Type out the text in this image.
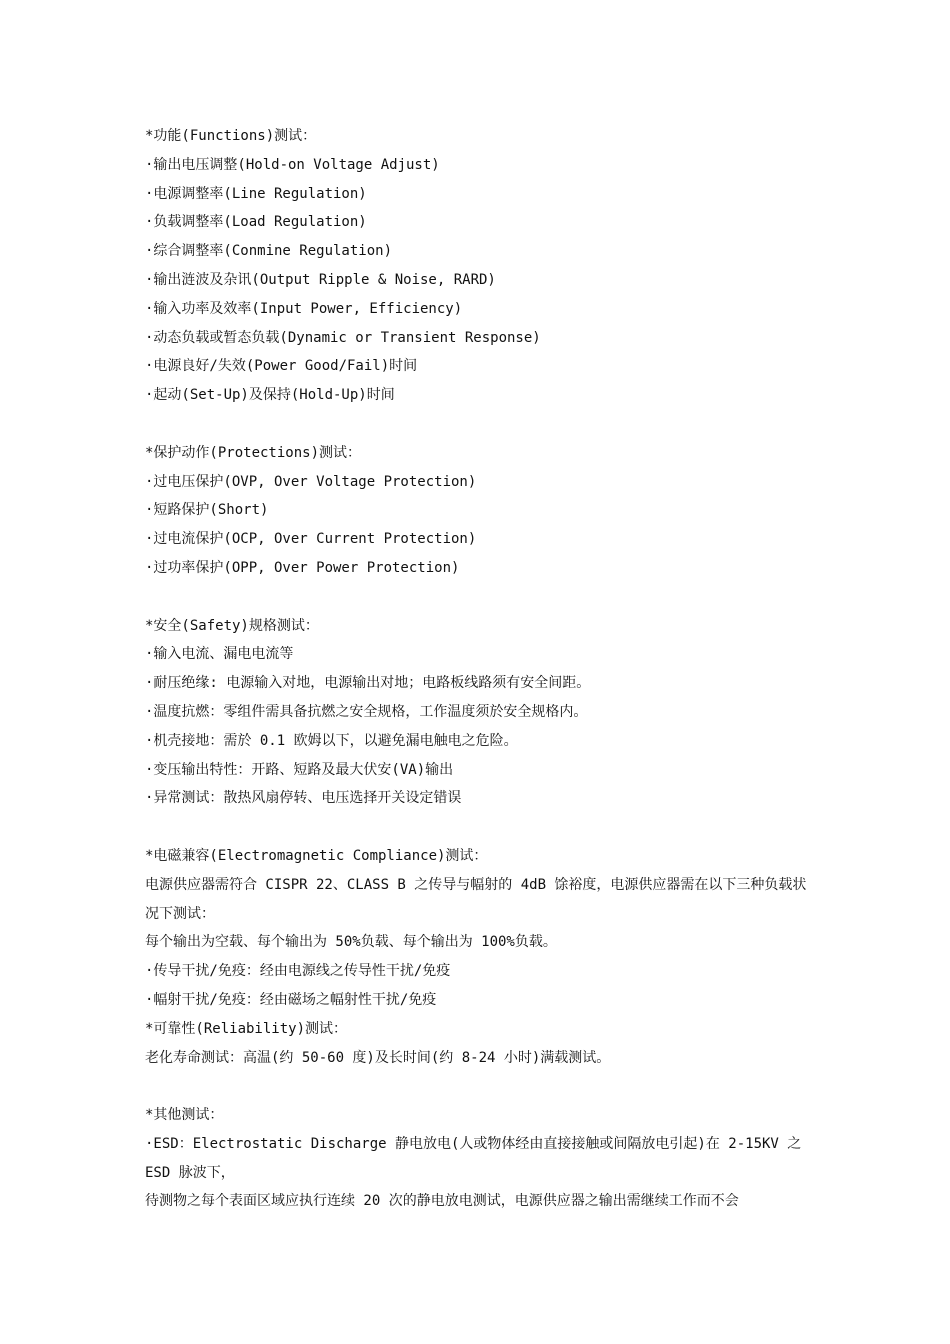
*功能(Functions)测试：
·输出电压调整(Hold-on Voltage Adjust)
·电源调整率(Line Regulation)
·负载调整率(Load Regulation)
·综合调整率(Conmine Regulation)
·输出涟波及杂讯(Output Ripple & Noise, RARD)
·输入功率及效率(Input Power, Efficiency)
·动态负载或暂态负载(Dynamic or Transient Response)
·电源良好/失效(Power Good/Fail)时间
·起动(Set-Up)及保持(Hold-Up)时间
*保护动作(Protections)测试：
·过电压保护(OVP, Over Voltage Protection)
·短路保护(Short)
·过电流保护(OCP, Over Current Protection)
·过功率保护(OPP, Over Power Protection)
*安全(Safety)规格测试：
·输入电流、漏电电流等
·耐压绝缘: 电源输入对地，电源输出对地；电路板线路须有安全间距。
·温度抗燃：零组件需具备抗燃之安全规格，工作温度须於安全规格内。
·机壳接地：需於 0.1 欧姆以下，以避免漏电触电之危险。
·变压输出特性：开路、短路及最大伏安(VA)输出
·异常测试：散热风扇停转、电压选择开关设定错误
*电磁兼容(Electromagnetic Compliance)测试：
电源供应器需符合 CISPR 22、CLASS B 之传导与幅射的 4dB 馀裕度，电源供应器需在以下三种负载状况下测试：
每个输出为空载、每个输出为 50%负载、每个输出为 100%负载。
·传导干扰/免疫：经由电源线之传导性干扰/免疫
·幅射干扰/免疫：经由磁场之幅射性干扰/免疫
*可靠性(Reliability)测试：
老化寿命测试：高温(约 50-60 度)及长时间(约 8-24 小时)满载测试。
*其他测试：
·ESD：Electrostatic Discharge 静电放电(人或物体经由直接接触或间隔放电引起)在 2-15KV 之 ESD 脉波下，
待测物之每个表面区域应执行连续 20 次的静电放电测试，电源供应器之输出需继续工作而不会
